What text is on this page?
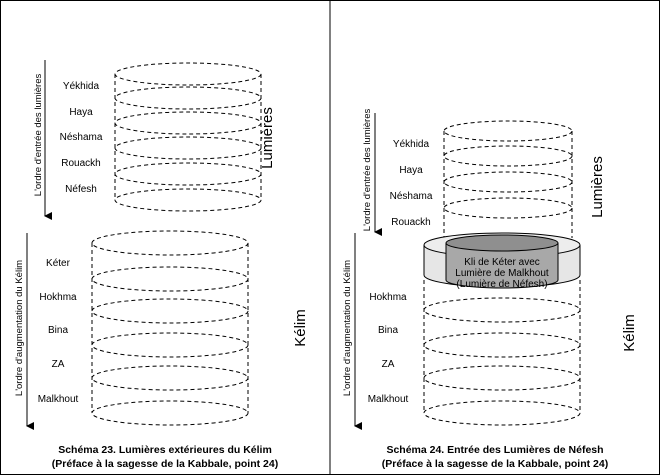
L'ordre d'entrée des lumières
L'ordre d'augmentation du Kélim
Yékhida
Haya
Néshama
Rouackh
Néfesh
Kéter
Hokhma
Bina
ZA
Malkhout
Lumières
Kélim
Schéma 23. Lumières extérieures du Kélim
(Préface à la sagesse de la Kabbale, point 24)
Kli de Kéter avec
Lumière de Malkhout
(Lumière de Néfesh)
L'ordre d'entrée des lumières
L'ordre d'augmentation du Kélim
Yékhida
Haya
Néshama
Rouackh
Hokhma
Bina
ZA
Malkhout
Lumières
Kélim
Schéma 24. Entrée des Lumières de Néfesh
(Préface à la sagesse de la Kabbale, point 24)
